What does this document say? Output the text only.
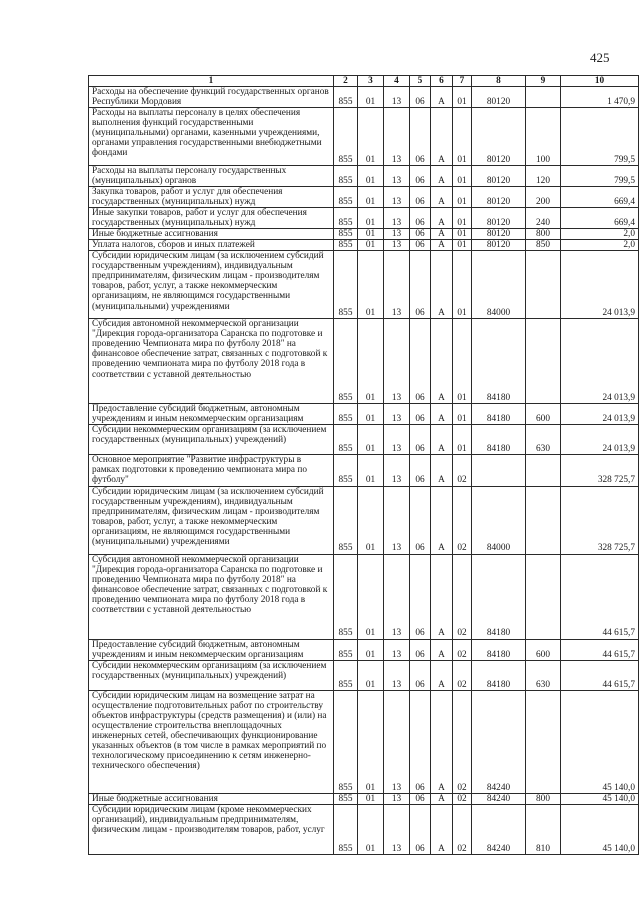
425
1	2	3	4	5	6	7	8	9	10
Расходы на обеспечение функций государственных органов Республики Мордовия	855	01	13	06	А	01	80120		1 470,9
Расходы на выплаты персоналу в целях обеспечения выполнения функций государственными (муниципальными) органами, казенными учреждениями, органами управления государственными внебюджетными фондами	855	01	13	06	А	01	80120	100	799,5
Расходы на выплаты персоналу государственных (муниципальных) органов	855	01	13	06	А	01	80120	120	799,5
Закупка товаров, работ и услуг для обеспечения государственных (муниципальных) нужд	855	01	13	06	А	01	80120	200	669,4
Иные закупки товаров, работ и услуг для обеспечения государственных (муниципальных) нужд	855	01	13	06	А	01	80120	240	669,4
Иные бюджетные ассигнования	855	01	13	06	А	01	80120	800	2,0
Уплата налогов, сборов и иных платежей	855	01	13	06	А	01	80120	850	2,0
Субсидии юридическим лицам (за исключением субсидий государственным учреждениям), индивидуальным предпринимателям, физическим лицам - производителям товаров, работ, услуг, а также некоммерческим организациям, не являющимся государственными (муниципальными) учреждениями	855	01	13	06	А	01	84000		24 013,9
Субсидия автономной некоммерческой организации "Дирекция города-организатора Саранска по подготовке и проведению Чемпионата мира по футболу 2018" на финансовое обеспечение затрат, связанных с подготовкой к проведению чемпионата мира по футболу 2018 года в соответствии с уставной деятельностью	855	01	13	06	А	01	84180		24 013,9
Предоставление субсидий бюджетным, автономным учреждениям и иным некоммерческим организациям	855	01	13	06	А	01	84180	600	24 013,9
Субсидии некоммерческим организациям (за исключением государственных (муниципальных) учреждений)	855	01	13	06	А	01	84180	630	24 013,9
Основное мероприятие "Развитие инфраструктуры в рамках подготовки к проведению чемпионата мира по футболу"	855	01	13	06	А	02			328 725,7
Субсидии юридическим лицам (за исключением субсидий государственным учреждениям), индивидуальным предпринимателям, физическим лицам - производителям товаров, работ, услуг, а также некоммерческим организациям, не являющимся государственными (муниципальными) учреждениями	855	01	13	06	А	02	84000		328 725,7
Субсидия автономной некоммерческой организации "Дирекция города-организатора Саранска по подготовке и проведению Чемпионата мира по футболу 2018" на финансовое обеспечение затрат, связанных с подготовкой к проведению чемпионата мира по футболу 2018 года в соответствии с уставной деятельностью	855	01	13	06	А	02	84180		44 615,7
Предоставление субсидий бюджетным, автономным учреждениям и иным некоммерческим организациям	855	01	13	06	А	02	84180	600	44 615,7
Субсидии некоммерческим организациям (за исключением государственных (муниципальных) учреждений)	855	01	13	06	А	02	84180	630	44 615,7
Субсидии юридическим лицам на возмещение затрат на осуществление подготовительных работ по строительству объектов инфраструктуры (средств размещения) и (или) на осуществление строительства внеплощадочных инженерных сетей, обеспечивающих функционирование указанных объектов (в том числе в рамках мероприятий по технологическому присоединению к сетям инженерно-технического обеспечения)	855	01	13	06	А	02	84240		45 140,0
Иные бюджетные ассигнования	855	01	13	06	А	02	84240	800	45 140,0
Субсидии юридическим лицам (кроме некоммерческих организаций), индивидуальным предпринимателям, физическим лицам - производителям товаров, работ, услуг	855	01	13	06	А	02	84240	810	45 140,0
